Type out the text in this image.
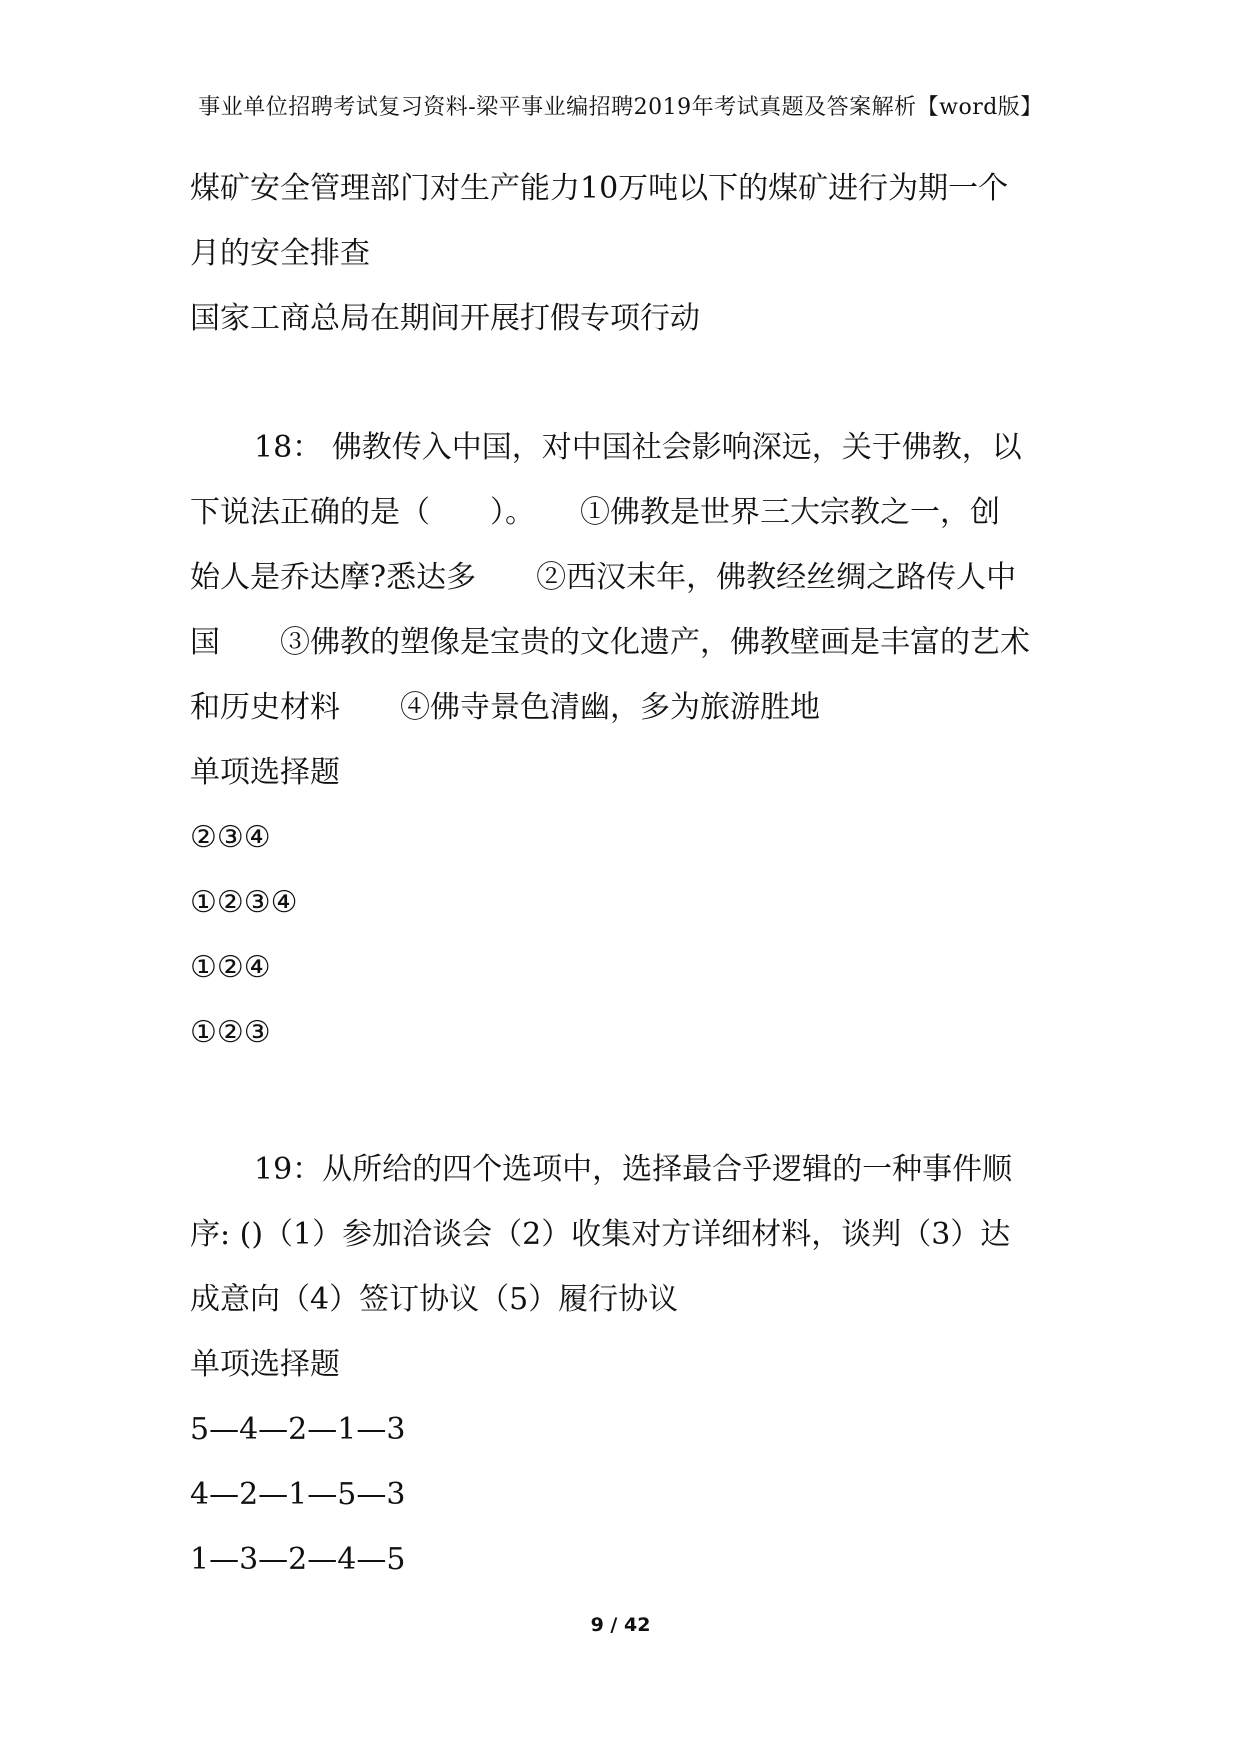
事业单位招聘考试复习资料-梁平事业编招聘2019年考试真题及答案解析【word版】
煤矿安全管理部门对生产能力10万吨以下的煤矿进行为期一个
月的安全排查
国家工商总局在期间开展打假专项行动
18： 佛教传入中国，对中国社会影响深远，关于佛教，以
下说法正确的是（　　）。　　①佛教是世界三大宗教之一，创
始人是乔达摩?悉达多　　②西汉末年，佛教经丝绸之路传人中
国　　③佛教的塑像是宝贵的文化遗产，佛教壁画是丰富的艺术
和历史材料　　④佛寺景色清幽，多为旅游胜地
单项选择题
②③④
①②③④
①②④
①②③
19：从所给的四个选项中，选择最合乎逻辑的一种事件顺
序: ()（1）参加洽谈会（2）收集对方详细材料，谈判（3）达
成意向（4）签订协议（5）履行协议
单项选择题
5—4—2—1—3
4—2—1—5—3
1—3—2—4—5
9 / 42
